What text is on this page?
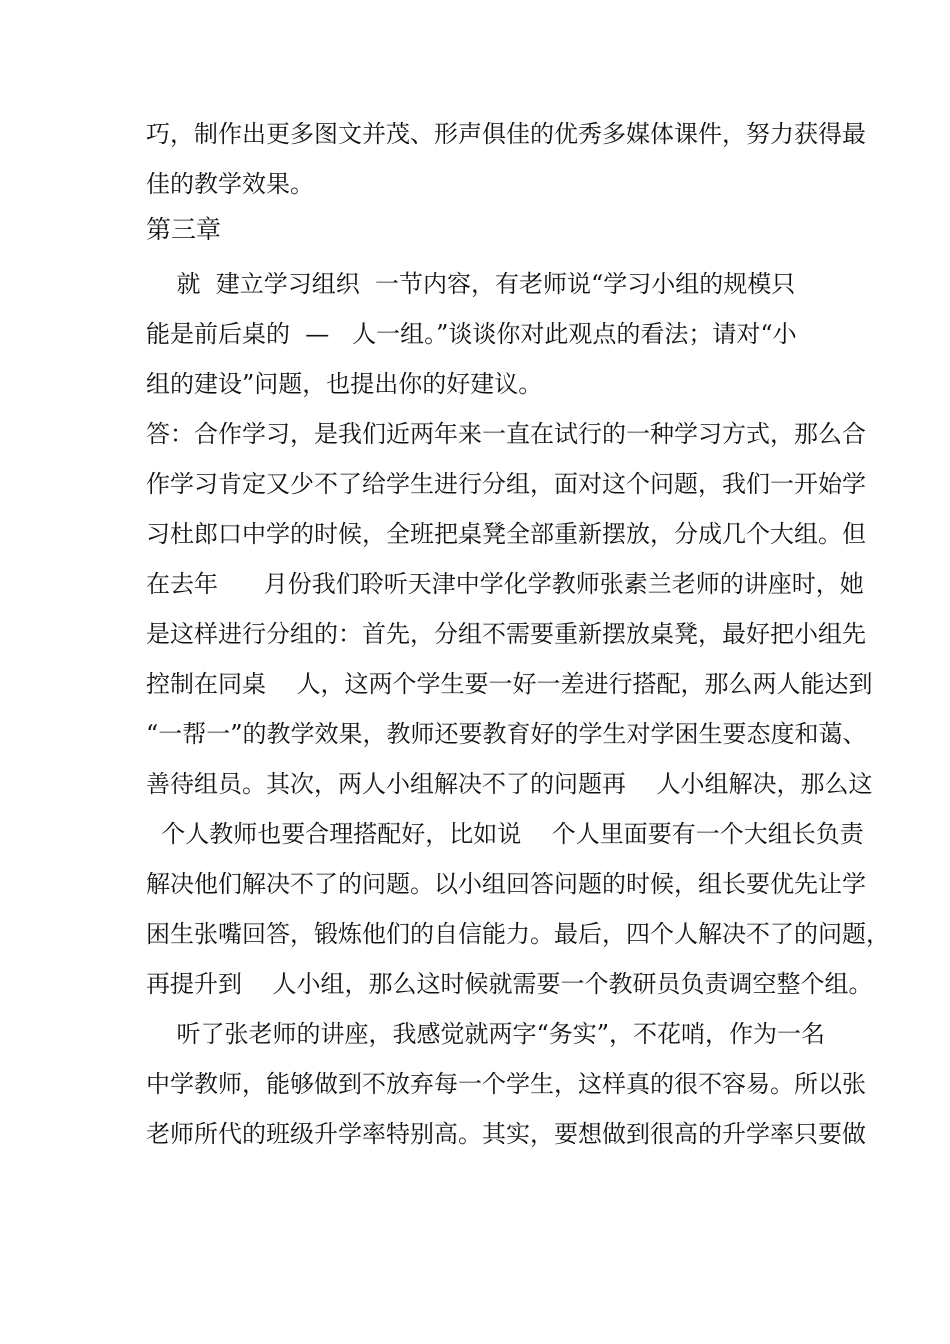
巧，制作出更多图文并茂、形声俱佳的优秀多媒体课件，努力获得最
佳的教学效果。
第三章
就  建立学习组织  一节内容，有老师说“学习小组的规模只
能是前后桌的  —   人一组。”谈谈你对此观点的看法；请对“小
组的建设”问题，也提出你的好建议。
答：合作学习，是我们近两年来一直在试行的一种学习方式，那么合
作学习肯定又少不了给学生进行分组，面对这个问题，我们一开始学
习杜郎口中学的时候，全班把桌凳全部重新摆放，分成几个大组。但
在去年      月份我们聆听天津中学化学教师张素兰老师的讲座时，她
是这样进行分组的：首先，分组不需要重新摆放桌凳，最好把小组先
控制在同桌    人，这两个学生要一好一差进行搭配，那么两人能达到
“一帮一”的教学效果，教师还要教育好的学生对学困生要态度和蔼、
善待组员。其次，两人小组解决不了的问题再    人小组解决，那么这
个人教师也要合理搭配好，比如说    个人里面要有一个大组长负责
解决他们解决不了的问题。以小组回答问题的时候，组长要优先让学
困生张嘴回答，锻炼他们的自信能力。最后，四个人解决不了的问题，
再提升到    人小组，那么这时候就需要一个教研员负责调空整个组。
听了张老师的讲座，我感觉就两字“务实”，不花哨，作为一名
中学教师，能够做到不放弃每一个学生，这样真的很不容易。所以张
老师所代的班级升学率特别高。其实，要想做到很高的升学率只要做
